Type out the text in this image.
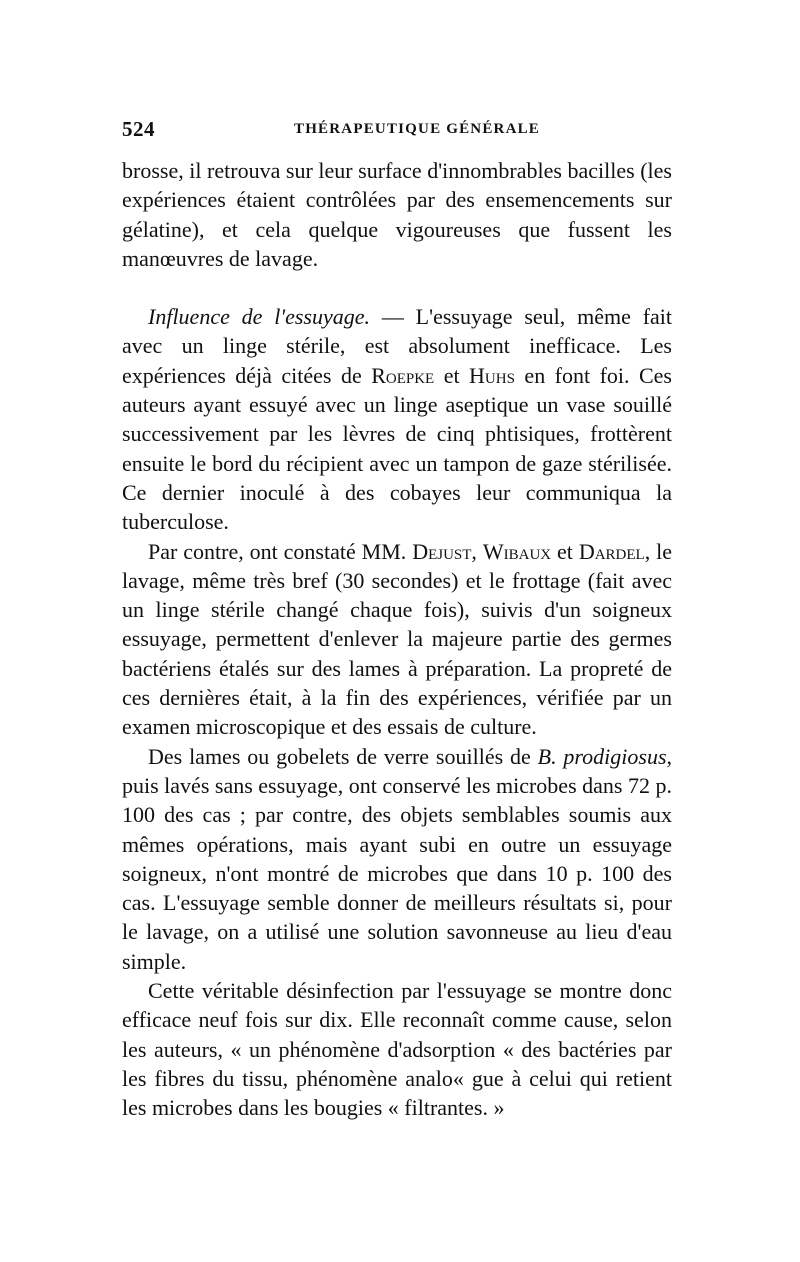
524	THÉRAPEUTIQUE GÉNÉRALE

brosse, il retrouva sur leur surface d'innombrables bacilles (les expériences étaient contrôlées par des ensemencements sur gélatine), et cela quelque vigoureuses que fussent les manœuvres de lavage.

Influence de l'essuyage. — L'essuyage seul, même fait avec un linge stérile, est absolument inefficace. Les expériences déjà citées de Roepke et Huhs en font foi. Ces auteurs ayant essuyé avec un linge aseptique un vase souillé successivement par les lèvres de cinq phtisiques, frottèrent ensuite le bord du récipient avec un tampon de gaze stérilisée. Ce dernier inoculé à des cobayes leur communiqua la tuberculose.

Par contre, ont constaté MM. Dejust, Wibaux et Dardel, le lavage, même très bref (30 secondes) et le frottage (fait avec un linge stérile changé chaque fois), suivis d'un soigneux essuyage, permettent d'enlever la majeure partie des germes bactériens étalés sur des lames à préparation. La propreté de ces dernières était, à la fin des expériences, vérifiée par un examen microscopique et des essais de culture.

Des lames ou gobelets de verre souillés de B. prodigiosus, puis lavés sans essuyage, ont conservé les microbes dans 72 p. 100 des cas ; par contre, des objets semblables soumis aux mêmes opérations, mais ayant subi en outre un essuyage soigneux, n'ont montré de microbes que dans 10 p. 100 des cas. L'essuyage semble donner de meilleurs résultats si, pour le lavage, on a utilisé une solution savonneuse au lieu d'eau simple.

Cette véritable désinfection par l'essuyage se montre donc efficace neuf fois sur dix. Elle reconnaît comme cause, selon les auteurs, « un phénomène d'adsorption « des bactéries par les fibres du tissu, phénomène analo« gue à celui qui retient les microbes dans les bougies « filtrantes. »
